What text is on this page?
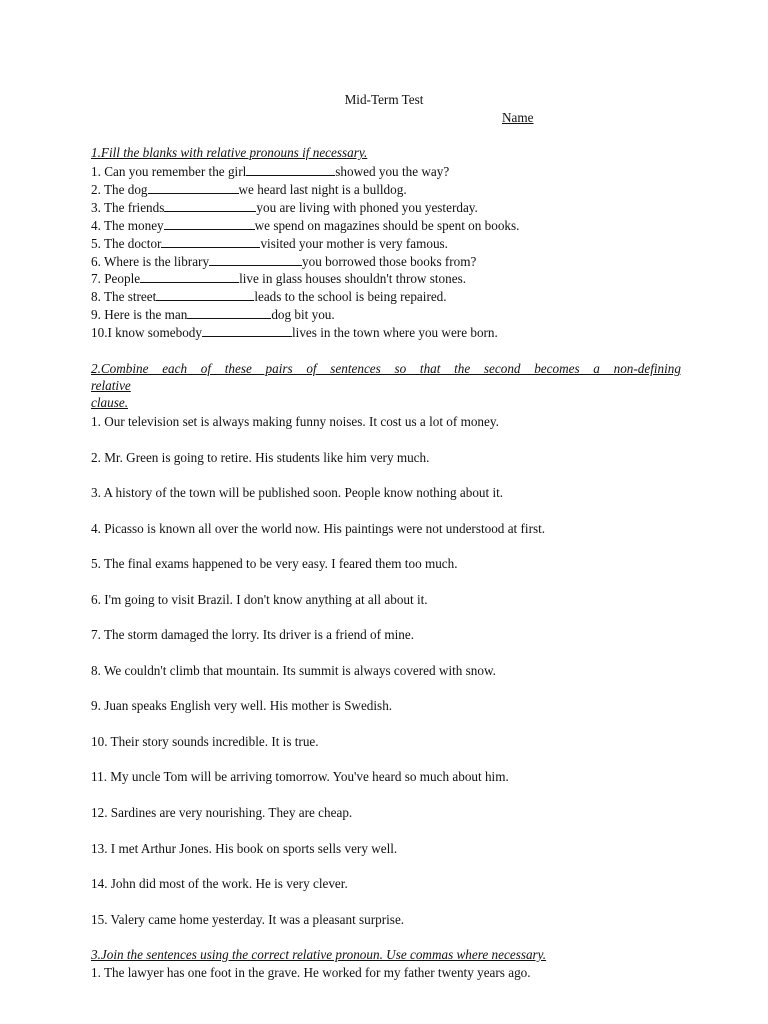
Mid-Term Test
Name
1.Fill the blanks with relative pronouns if necessary.
1. Can you remember the girl	showed you the way?
2. The dog	we heard last night is a bulldog.
3. The friends	you are living with phoned you yesterday.
4. The money	we spend on magazines should be spent on books.
5. The doctor	visited your mother is very famous.
6. Where is the library	you borrowed those books from?
7. People	live in glass houses shouldn't throw stones.
8. The street	leads to the school is being repaired.
9. Here is the man	dog bit you.
10.I know somebody	lives in the town where you were born.
2.Combine each of these pairs of sentences so that the second becomes a non-defining
relative
clause.
1. Our television set is always making funny noises. It cost us a lot of money.
2. Mr. Green is going to retire. His students like him very much.
3. A history of the town will be published soon. People know nothing about it.
4. Picasso is known all over the world now. His paintings were not understood at first.
5. The final exams happened to be very easy. I feared them too much.
6. I'm going to visit Brazil. I don't know anything at all about it.
7. The storm damaged the lorry. Its driver is a friend of mine.
8. We couldn't climb that mountain. Its summit is always covered with snow.
9. Juan speaks English very well. His mother is Swedish.
10. Their story sounds incredible. It is true.
11. My uncle Tom will be arriving tomorrow. You've heard so much about him.
12. Sardines are very nourishing. They are cheap.
13. I met Arthur Jones. His book on sports sells very well.
14. John did most of the work. He is very clever.
15. Valery came home yesterday. It was a pleasant surprise.
3.Join the sentences using the correct relative pronoun. Use commas where necessary.
1. The lawyer has one foot in the grave. He worked for my father twenty years ago.
